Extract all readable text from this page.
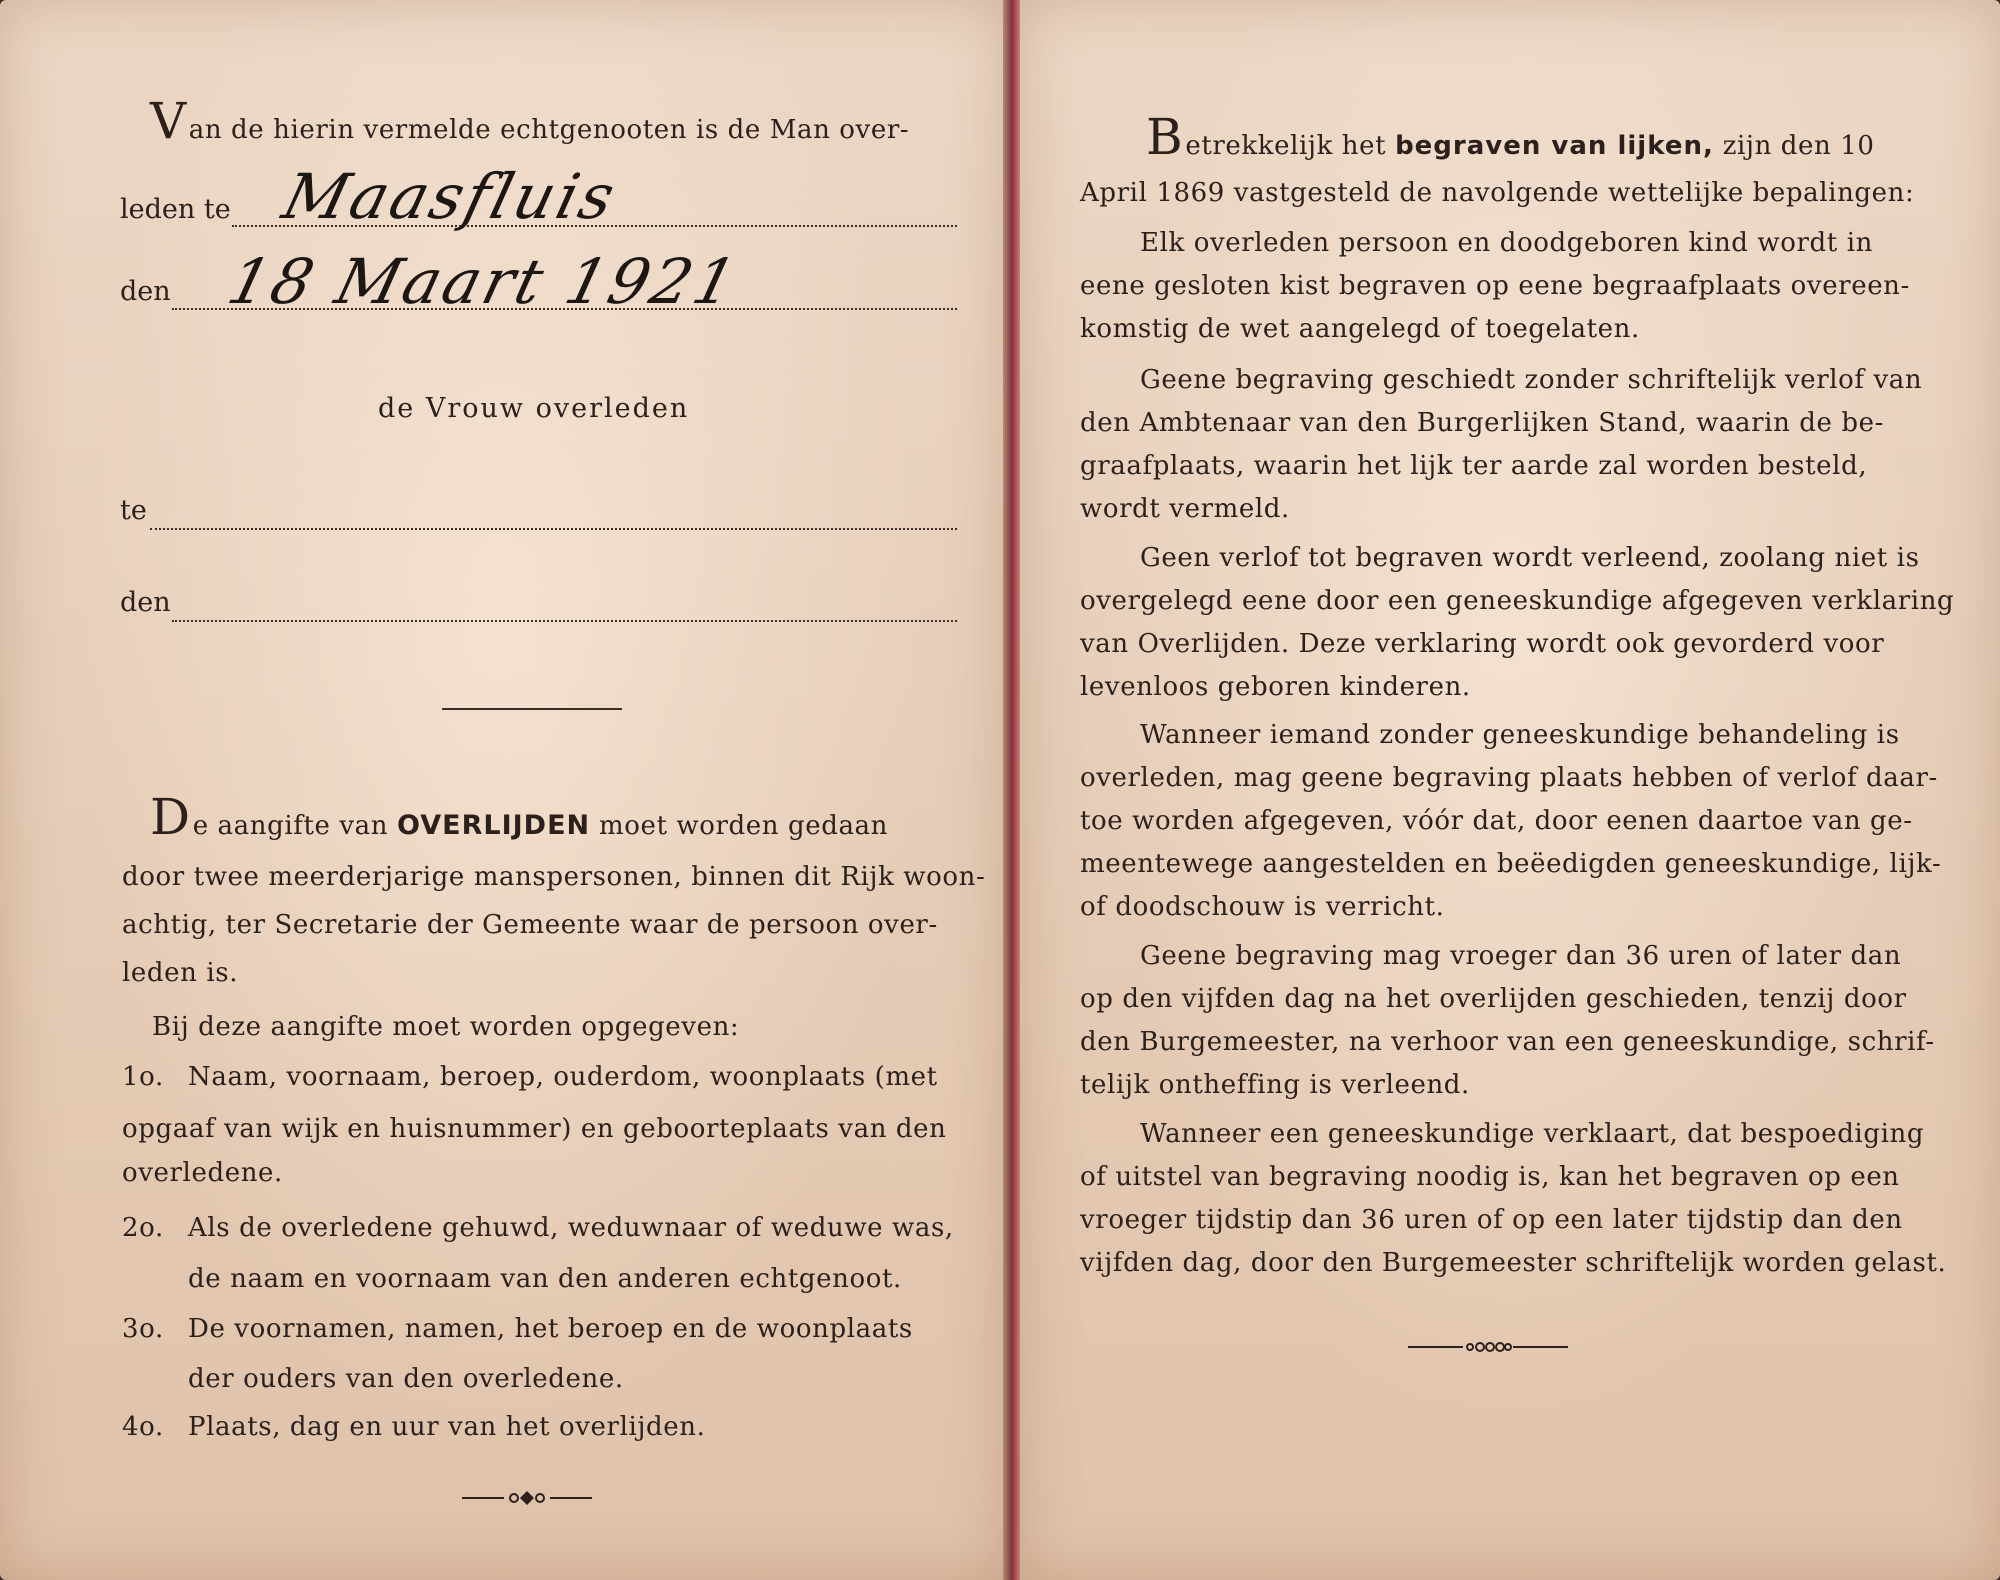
Van de hierin vermelde echtgenooten is de Man over-
leden te Maasfluis
den 18 Maart 1921
de Vrouw overleden
te
den
De aangifte van OVERLIJDEN moet worden gedaan
door twee meerderjarige manspersonen, binnen dit Rijk woon-
achtig, ter Secretarie der Gemeente waar de persoon over-
leden is.
Bij deze aangifte moet worden opgegeven:
1o. Naam, voornaam, beroep, ouderdom, woonplaats (met
opgaaf van wijk en huisnummer) en geboorteplaats van den
overledene.
2o. Als de overledene gehuwd, weduwnaar of weduwe was,
de naam en voornaam van den anderen echtgenoot.
3o. De voornamen, namen, het beroep en de woonplaats
der ouders van den overledene.
4o. Plaats, dag en uur van het overlijden.
Betrekkelijk het begraven van lijken, zijn den 10
April 1869 vastgesteld de navolgende wettelijke bepalingen:
Elk overleden persoon en doodgeboren kind wordt in
eene gesloten kist begraven op eene begraafplaats overeen-
komstig de wet aangelegd of toegelaten.
Geene begraving geschiedt zonder schriftelijk verlof van
den Ambtenaar van den Burgerlijken Stand, waarin de be-
graafplaats, waarin het lijk ter aarde zal worden besteld,
wordt vermeld.
Geen verlof tot begraven wordt verleend, zoolang niet is
overgelegd eene door een geneeskundige afgegeven verklaring
van Overlijden. Deze verklaring wordt ook gevorderd voor
levenloos geboren kinderen.
Wanneer iemand zonder geneeskundige behandeling is
overleden, mag geene begraving plaats hebben of verlof daar-
toe worden afgegeven, vóór dat, door eenen daartoe van ge-
meentewege aangestelden en beëedigden geneeskundige, lijk-
of doodschouw is verricht.
Geene begraving mag vroeger dan 36 uren of later dan
op den vijfden dag na het overlijden geschieden, tenzij door
den Burgemeester, na verhoor van een geneeskundige, schrif-
telijk ontheffing is verleend.
Wanneer een geneeskundige verklaart, dat bespoediging
of uitstel van begraving noodig is, kan het begraven op een
vroeger tijdstip dan 36 uren of op een later tijdstip dan den
vijfden dag, door den Burgemeester schriftelijk worden gelast.
